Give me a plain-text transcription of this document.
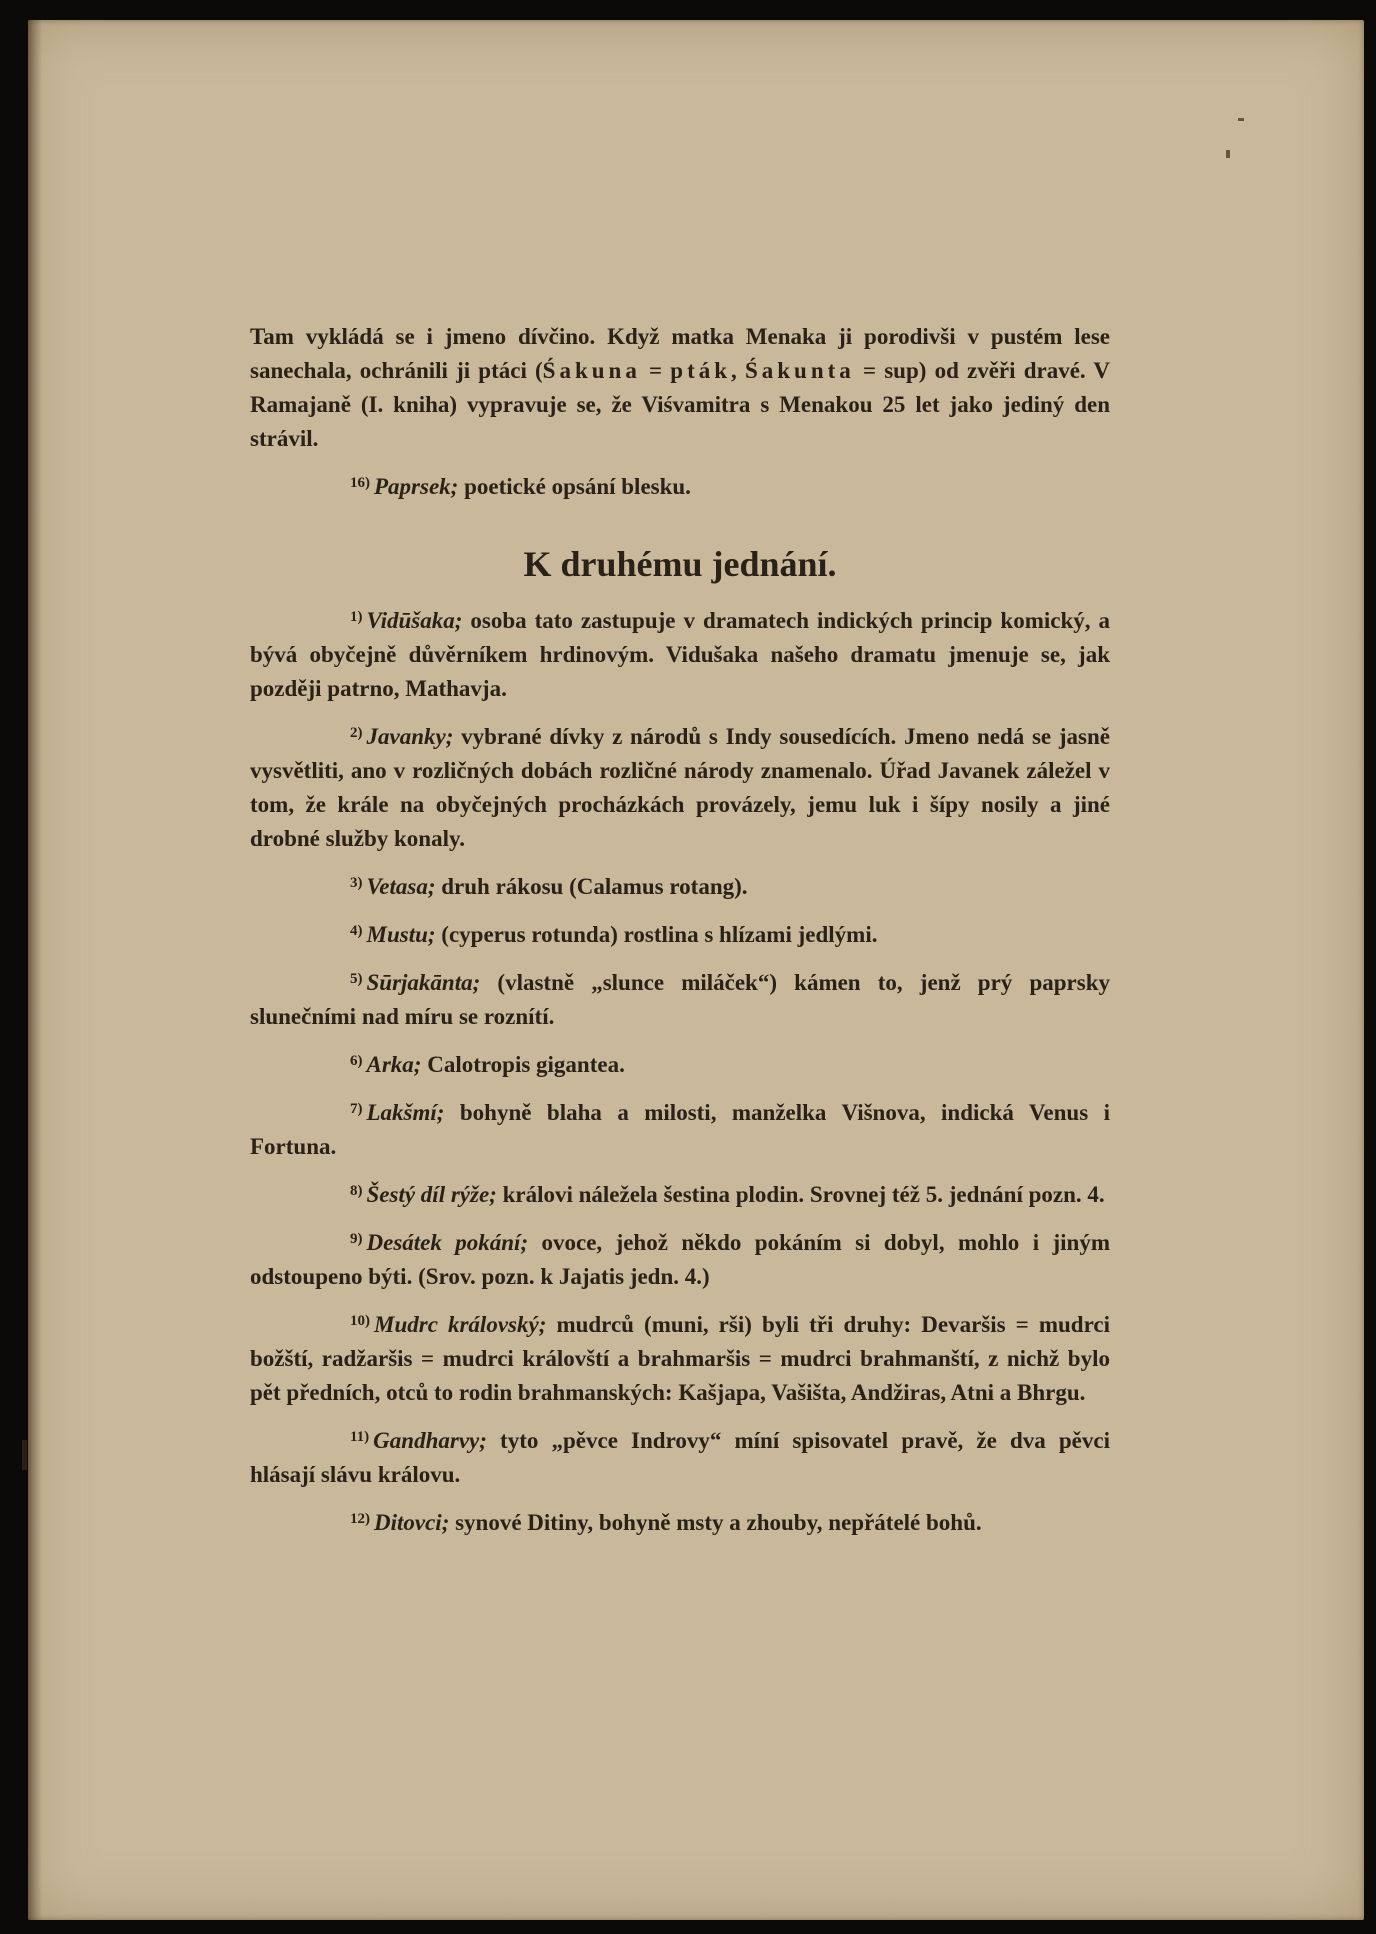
Tam vykládá se i jmeno dívčino. Když matka Menaka ji porodivši v pustém lese sanechala, ochránili ji ptáci (Śakuna = pták, Śakunta = sup) od zvěři dravé. V Ramajaně (I. kniha) vypravuje se, že Viśvamitra s Menakou 25 let jako jediný den strávil.

$^{16)}$ Paprsek; poetické opsání blesku.

K druhému jednání.

$^{1)}$ Vidūšaka; osoba tato zastupuje v dramatech indických princip komický, a bývá obyčejně důvěrníkem hrdinovým. Vidušaka našeho dramatu jmenuje se, jak později patrno, Mathavja.

$^{2)}$ Javanky; vybrané dívky z národů s Indy sousedících. Jmeno nedá se jasně vysvětliti, ano v rozličných dobách rozličné národy znamenalo. Úřad Javanek záležel v tom, že krále na obyčejných procházkách provázely, jemu luk i šípy nosily a jiné drobné služby konaly.

$^{3)}$ Vetasa; druh rákosu (Calamus rotang).

$^{4)}$ Mustu; (cyperus rotunda) rostlina s hlízami jedlými.

$^{5)}$ Sūrjakānta; (vlastně „slunce miláček“) kámen to, jenž prý paprsky slunečními nad míru se roznítí.

$^{6)}$ Arka; Calotropis gigantea.

$^{7)}$ Lakšmí; bohyně blaha a milosti, manželka Višnova, indická Venus i Fortuna.

$^{8)}$ Šestý díl rýže; královi náležela šestina plodin. Srovnej též 5. jednání pozn. 4.

$^{9)}$ Desátek pokání; ovoce, jehož někdo pokáním si dobyl, mohlo i jiným odstoupeno býti. (Srov. pozn. k Jajatis jedn. 4.)

$^{10)}$ Mudrc královský; mudrců (muni, rši) byli tři druhy: Devaršis = mudrci božští, radžaršis = mudrci královští a brahmaršis = mudrci brahmanští, z nichž bylo pět předních, otců to rodin brahmanských: Kašjapa, Vašišta, Andžiras, Atni a Bhrgu.

$^{11)}$ Gandharvy; tyto „pěvce Indrovy“ míní spisovatel pravě, že dva pěvci hlásají slávu královu.

$^{12)}$ Ditovci; synové Ditiny, bohyně msty a zhouby, nepřátelé bohů.
